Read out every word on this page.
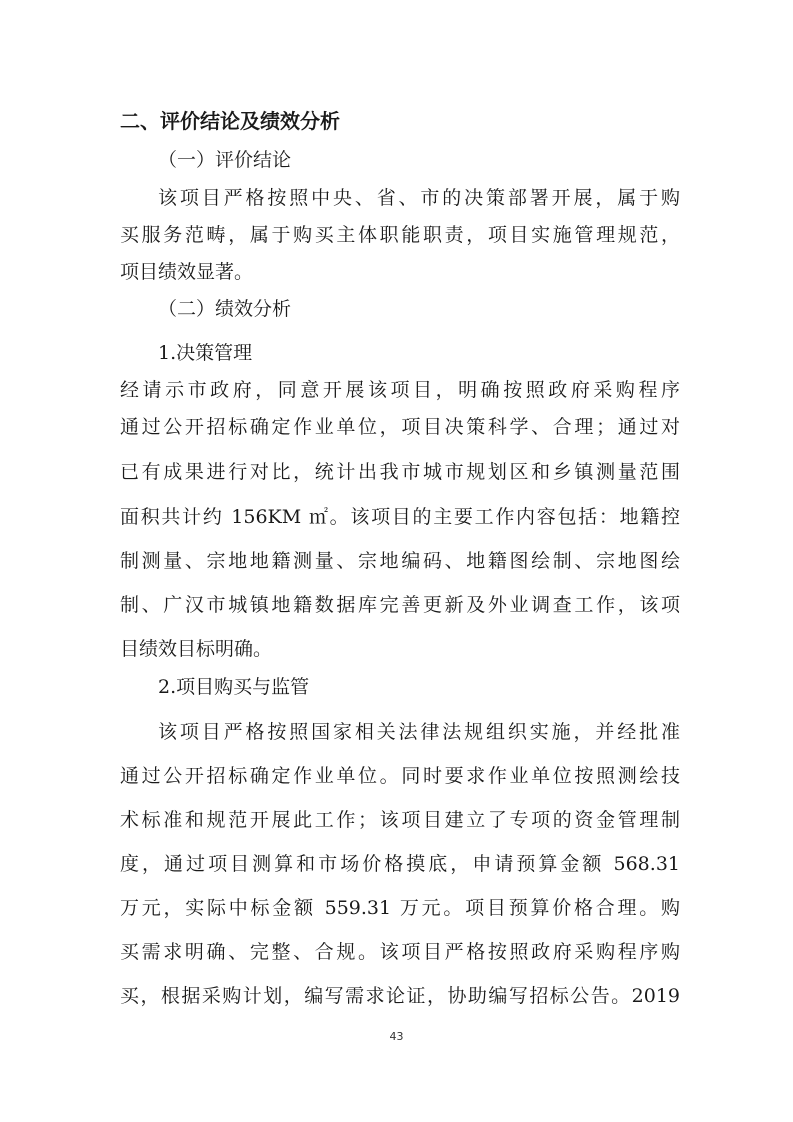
二、评价结论及绩效分析
（一）评价结论
该项目严格按照中央、省、市的决策部署开展，属于购
买服务范畴，属于购买主体职能职责，项目实施管理规范，
项目绩效显著。
（二）绩效分析
1.决策管理
经请示市政府，同意开展该项目，明确按照政府采购程序
通过公开招标确定作业单位，项目决策科学、合理；通过对
已有成果进行对比，统计出我市城市规划区和乡镇测量范围
面积共计约 156KM ㎡。该项目的主要工作内容包括：地籍控
制测量、宗地地籍测量、宗地编码、地籍图绘制、宗地图绘
制、广汉市城镇地籍数据库完善更新及外业调查工作，该项
目绩效目标明确。
2.项目购买与监管
该项目严格按照国家相关法律法规组织实施，并经批准
通过公开招标确定作业单位。同时要求作业单位按照测绘技
术标准和规范开展此工作；该项目建立了专项的资金管理制
度，通过项目测算和市场价格摸底，申请预算金额 568.31
万元，实际中标金额 559.31 万元。项目预算价格合理。购
买需求明确、完整、合规。该项目严格按照政府采购程序购
买，根据采购计划，编写需求论证，协助编写招标公告。2019
43
